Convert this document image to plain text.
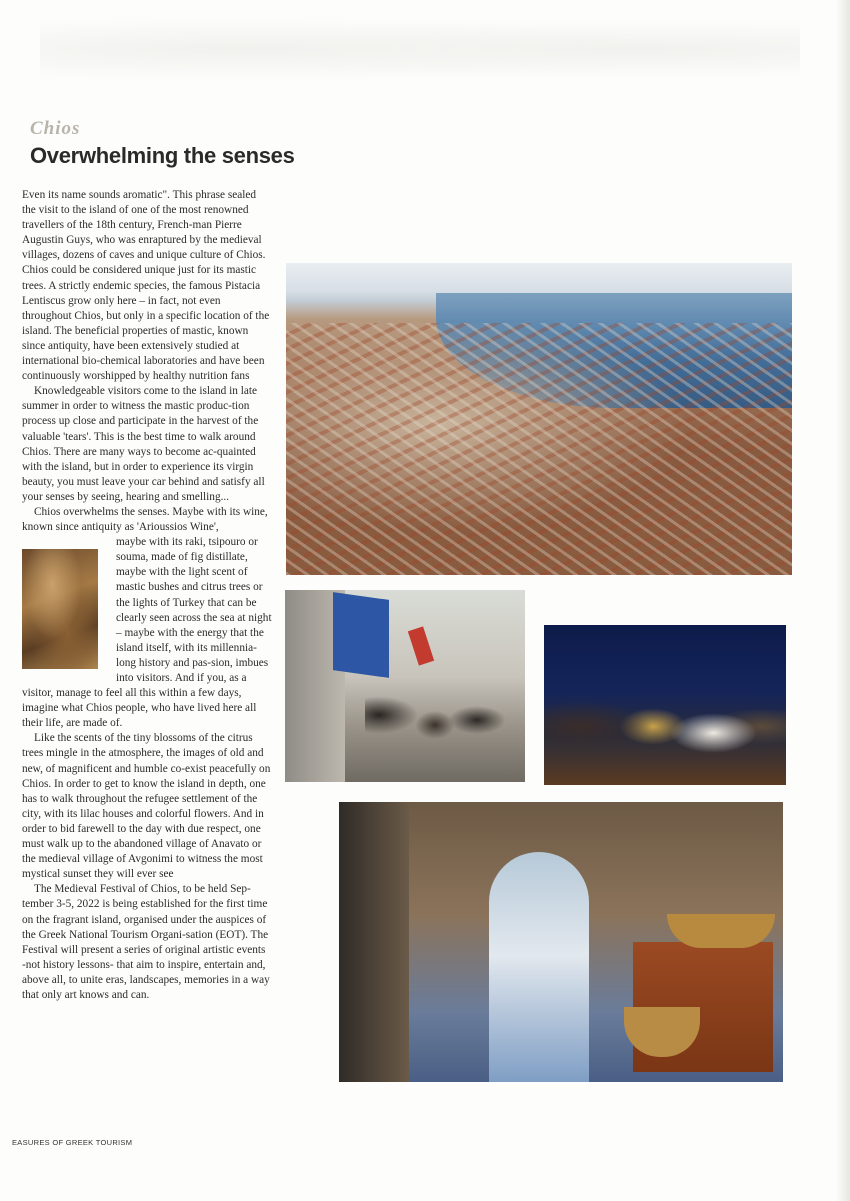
Chios
Overwhelming the senses

Even its name sounds aromatic". This phrase sealed the visit to the island of one of the most renowned travellers of the 18th century, French-man Pierre Augustin Guys, who was enraptured by the medieval villages, dozens of caves and unique culture of Chios. Chios could be considered unique just for its mastic trees. A strictly endemic species, the famous Pistacia Lentiscus grow only here – in fact, not even throughout Chios, but only in a specific location of the island. The beneficial properties of mastic, known since antiquity, have been extensively studied at international bio-chemical laboratories and have been continuously worshipped by healthy nutrition fans

Knowledgeable visitors come to the island in late summer in order to witness the mastic produc-tion process up close and participate in the harvest of the valuable 'tears'. This is the best time to walk around Chios. There are many ways to become ac-quainted with the island, but in order to experience its virgin beauty, you must leave your car behind and satisfy all your senses by seeing, hearing and smelling...

Chios overwhelms the senses. Maybe with its wine, known since antiquity as 'Arioussios Wine',

maybe with its raki, tsipouro or souma, made of fig distillate, maybe with the light scent of mastic bushes and citrus trees or the lights of Turkey that can be clearly seen across the sea at night – maybe with the energy that the island itself, with its millennia-long history and pas-sion, imbues into visitors. And if you, as a visitor, manage to feel all this within a few days, imagine what Chios people, who have lived here all their life, are made of.

Like the scents of the tiny blossoms of the citrus trees mingle in the atmosphere, the images of old and new, of magnificent and humble co-exist peacefully on Chios. In order to get to know the island in depth, one has to walk throughout the refugee settlement of the city, with its lilac houses and colorful flowers. And in order to bid farewell to the day with due respect, one must walk up to the abandoned village of Anavato or the medieval village of Avgonimi to witness the most mystical sunset they will ever see

The Medieval Festival of Chios, to be held Sep-tember 3-5, 2022 is being established for the first time on the fragrant island, organised under the auspices of the Greek National Tourism Organi-sation (EOT). The Festival will present a series of original artistic events -not history lessons- that aim to inspire, entertain and, above all, to unite eras, landscapes, memories in a way that only art knows and can.

EASURES OF GREEK TOURISM
